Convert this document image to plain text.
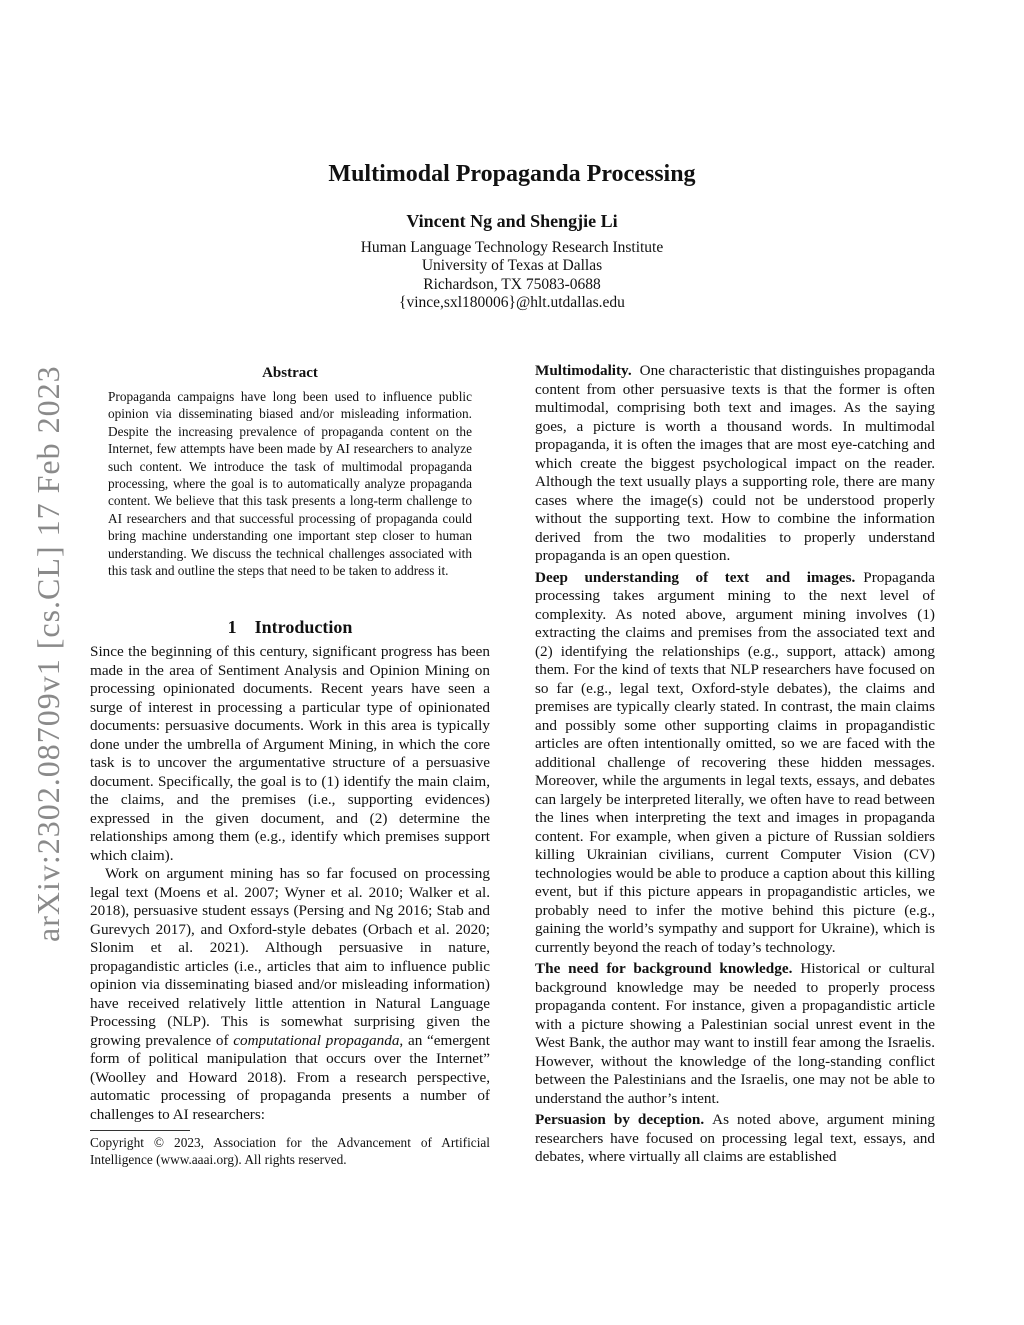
arXiv:2302.08709v1 [cs.CL] 17 Feb 2023
Multimodal Propaganda Processing
Vincent Ng and Shengjie Li
Human Language Technology Research Institute
University of Texas at Dallas
Richardson, TX 75083-0688
{vince,sxl180006}@hlt.utdallas.edu
Abstract

Propaganda campaigns have long been used to influence public opinion via disseminating biased and/or misleading information. Despite the increasing prevalence of propaganda content on the Internet, few attempts have been made by AI researchers to analyze such content. We introduce the task of multimodal propaganda processing, where the goal is to automatically analyze propaganda content. We believe that this task presents a long-term challenge to AI researchers and that successful processing of propaganda could bring machine understanding one important step closer to human understanding. We discuss the technical challenges associated with this task and outline the steps that need to be taken to address it.

1 Introduction

Since the beginning of this century, significant progress has been made in the area of Sentiment Analysis and Opinion Mining on processing opinionated documents. Recent years have seen a surge of interest in processing a particular type of opinionated documents: persuasive documents. Work in this area is typically done under the umbrella of Argument Mining, in which the core task is to uncover the argumentative structure of a persuasive document. Specifically, the goal is to (1) identify the main claim, the claims, and the premises (i.e., supporting evidences) expressed in the given document, and (2) determine the relationships among them (e.g., identify which premises support which claim).

Work on argument mining has so far focused on processing legal text (Moens et al. 2007; Wyner et al. 2010; Walker et al. 2018), persuasive student essays (Persing and Ng 2016; Stab and Gurevych 2017), and Oxford-style debates (Orbach et al. 2020; Slonim et al. 2021). Although persuasive in nature, propagandistic articles (i.e., articles that aim to influence public opinion via disseminating biased and/or misleading information) have received relatively little attention in Natural Language Processing (NLP). This is somewhat surprising given the growing prevalence of computational propaganda, an “emergent form of political manipulation that occurs over the Internet” (Woolley and Howard 2018). From a research perspective, automatic processing of propaganda presents a number of challenges to AI researchers:

Copyright © 2023, Association for the Advancement of Artificial Intelligence (www.aaai.org). All rights reserved.

Multimodality. One characteristic that distinguishes propaganda content from other persuasive texts is that the former is often multimodal, comprising both text and images. As the saying goes, a picture is worth a thousand words. In multimodal propaganda, it is often the images that are most eye-catching and which create the biggest psychological impact on the reader. Although the text usually plays a supporting role, there are many cases where the image(s) could not be understood properly without the supporting text. How to combine the information derived from the two modalities to properly understand propaganda is an open question.

Deep understanding of text and images. Propaganda processing takes argument mining to the next level of complexity. As noted above, argument mining involves (1) extracting the claims and premises from the associated text and (2) identifying the relationships (e.g., support, attack) among them. For the kind of texts that NLP researchers have focused on so far (e.g., legal text, Oxford-style debates), the claims and premises are typically clearly stated. In contrast, the main claims and possibly some other supporting claims in propagandistic articles are often intentionally omitted, so we are faced with the additional challenge of recovering these hidden messages. Moreover, while the arguments in legal texts, essays, and debates can largely be interpreted literally, we often have to read between the lines when interpreting the text and images in propaganda content. For example, when given a picture of Russian soldiers killing Ukrainian civilians, current Computer Vision (CV) technologies would be able to produce a caption about this killing event, but if this picture appears in propagandistic articles, we probably need to infer the motive behind this picture (e.g., gaining the world’s sympathy and support for Ukraine), which is currently beyond the reach of today’s technology.

The need for background knowledge. Historical or cultural background knowledge may be needed to properly process propaganda content. For instance, given a propagandistic article with a picture showing a Palestinian social unrest event in the West Bank, the author may want to instill fear among the Israelis. However, without the knowledge of the long-standing conflict between the Palestinians and the Israelis, one may not be able to understand the author’s intent.

Persuasion by deception. As noted above, argument mining researchers have focused on processing legal text, essays, and debates, where virtually all claims are established
